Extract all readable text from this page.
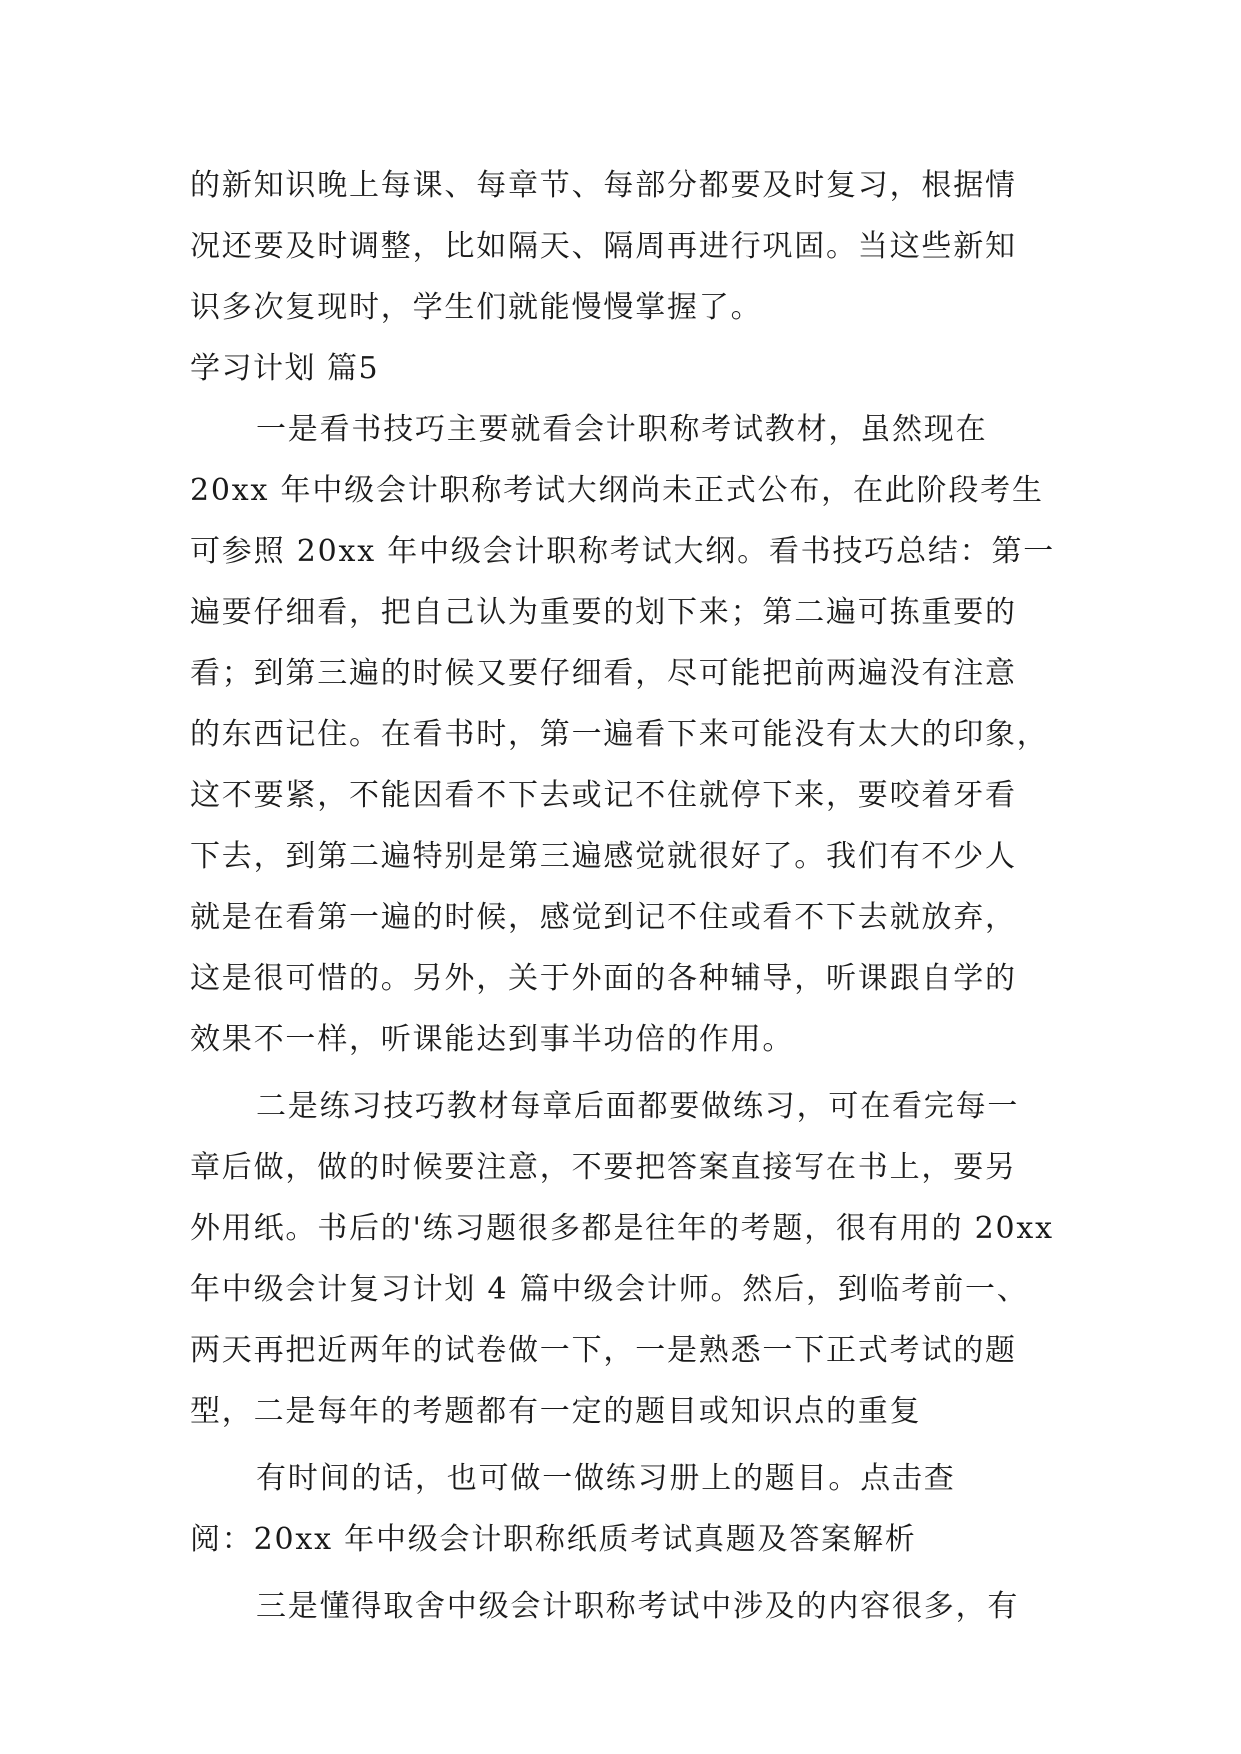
的新知识晚上每课、每章节、每部分都要及时复习，根据情
况还要及时调整，比如隔天、隔周再进行巩固。当这些新知
识多次复现时，学生们就能慢慢掌握了。
学习计划 篇5
一是看书技巧主要就看会计职称考试教材，虽然现在
20xx 年中级会计职称考试大纲尚未正式公布，在此阶段考生
可参照 20xx 年中级会计职称考试大纲。看书技巧总结：第一
遍要仔细看，把自己认为重要的划下来；第二遍可拣重要的
看；到第三遍的时候又要仔细看，尽可能把前两遍没有注意
的东西记住。在看书时，第一遍看下来可能没有太大的印象，
这不要紧，不能因看不下去或记不住就停下来，要咬着牙看
下去，到第二遍特别是第三遍感觉就很好了。我们有不少人
就是在看第一遍的时候，感觉到记不住或看不下去就放弃，
这是很可惜的。另外，关于外面的各种辅导，听课跟自学的
效果不一样，听课能达到事半功倍的作用。
二是练习技巧教材每章后面都要做练习，可在看完每一
章后做，做的时候要注意，不要把答案直接写在书上，要另
外用纸。书后的'练习题很多都是往年的考题，很有用的 20xx
年中级会计复习计划 4 篇中级会计师。然后，到临考前一、
两天再把近两年的试卷做一下，一是熟悉一下正式考试的题
型，二是每年的考题都有一定的题目或知识点的重复
有时间的话，也可做一做练习册上的题目。点击查
阅：20xx 年中级会计职称纸质考试真题及答案解析
三是懂得取舍中级会计职称考试中涉及的内容很多，有
